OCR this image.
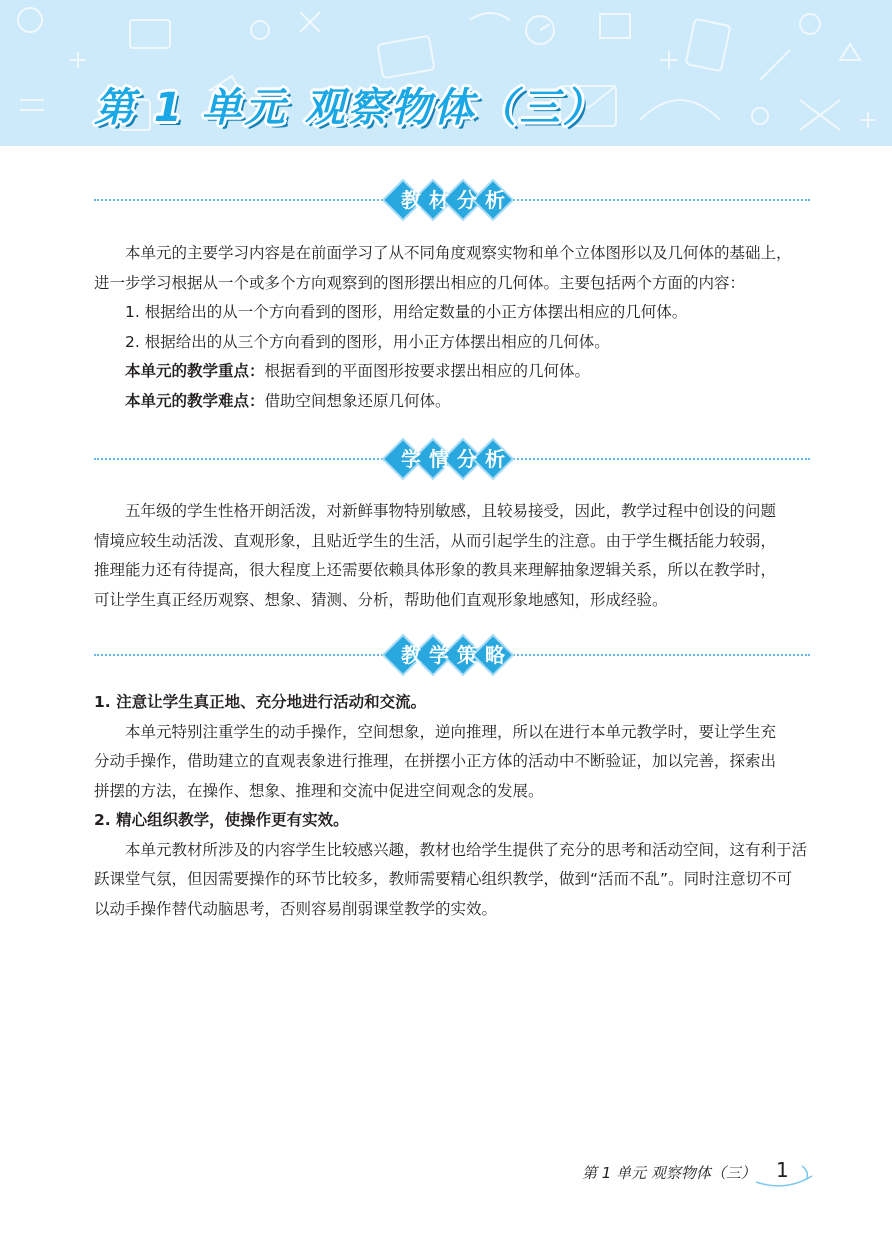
第 1 单元 观察物体（三）
教材分析
本单元的主要学习内容是在前面学习了从不同角度观察实物和单个立体图形以及几何体的基础上，
进一步学习根据从一个或多个方向观察到的图形摆出相应的几何体。主要包括两个方面的内容：
1. 根据给出的从一个方向看到的图形，用给定数量的小正方体摆出相应的几何体。
2. 根据给出的从三个方向看到的图形，用小正方体摆出相应的几何体。
本单元的教学重点：根据看到的平面图形按要求摆出相应的几何体。
本单元的教学难点：借助空间想象还原几何体。
学情分析
五年级的学生性格开朗活泼，对新鲜事物特别敏感，且较易接受，因此，教学过程中创设的问题
情境应较生动活泼、直观形象，且贴近学生的生活，从而引起学生的注意。由于学生概括能力较弱，
推理能力还有待提高，很大程度上还需要依赖具体形象的教具来理解抽象逻辑关系，所以在教学时，
可让学生真正经历观察、想象、猜测、分析，帮助他们直观形象地感知，形成经验。
教学策略
1. 注意让学生真正地、充分地进行活动和交流。
本单元特别注重学生的动手操作，空间想象，逆向推理，所以在进行本单元教学时，要让学生充
分动手操作，借助建立的直观表象进行推理，在拼摆小正方体的活动中不断验证，加以完善，探索出
拼摆的方法，在操作、想象、推理和交流中促进空间观念的发展。
2. 精心组织教学，使操作更有实效。
本单元教材所涉及的内容学生比较感兴趣，教材也给学生提供了充分的思考和活动空间，这有利于活
跃课堂气氛，但因需要操作的环节比较多，教师需要精心组织教学，做到“活而不乱”。同时注意切不可
以动手操作替代动脑思考，否则容易削弱课堂教学的实效。
第 1 单元 观察物体（三） 1
